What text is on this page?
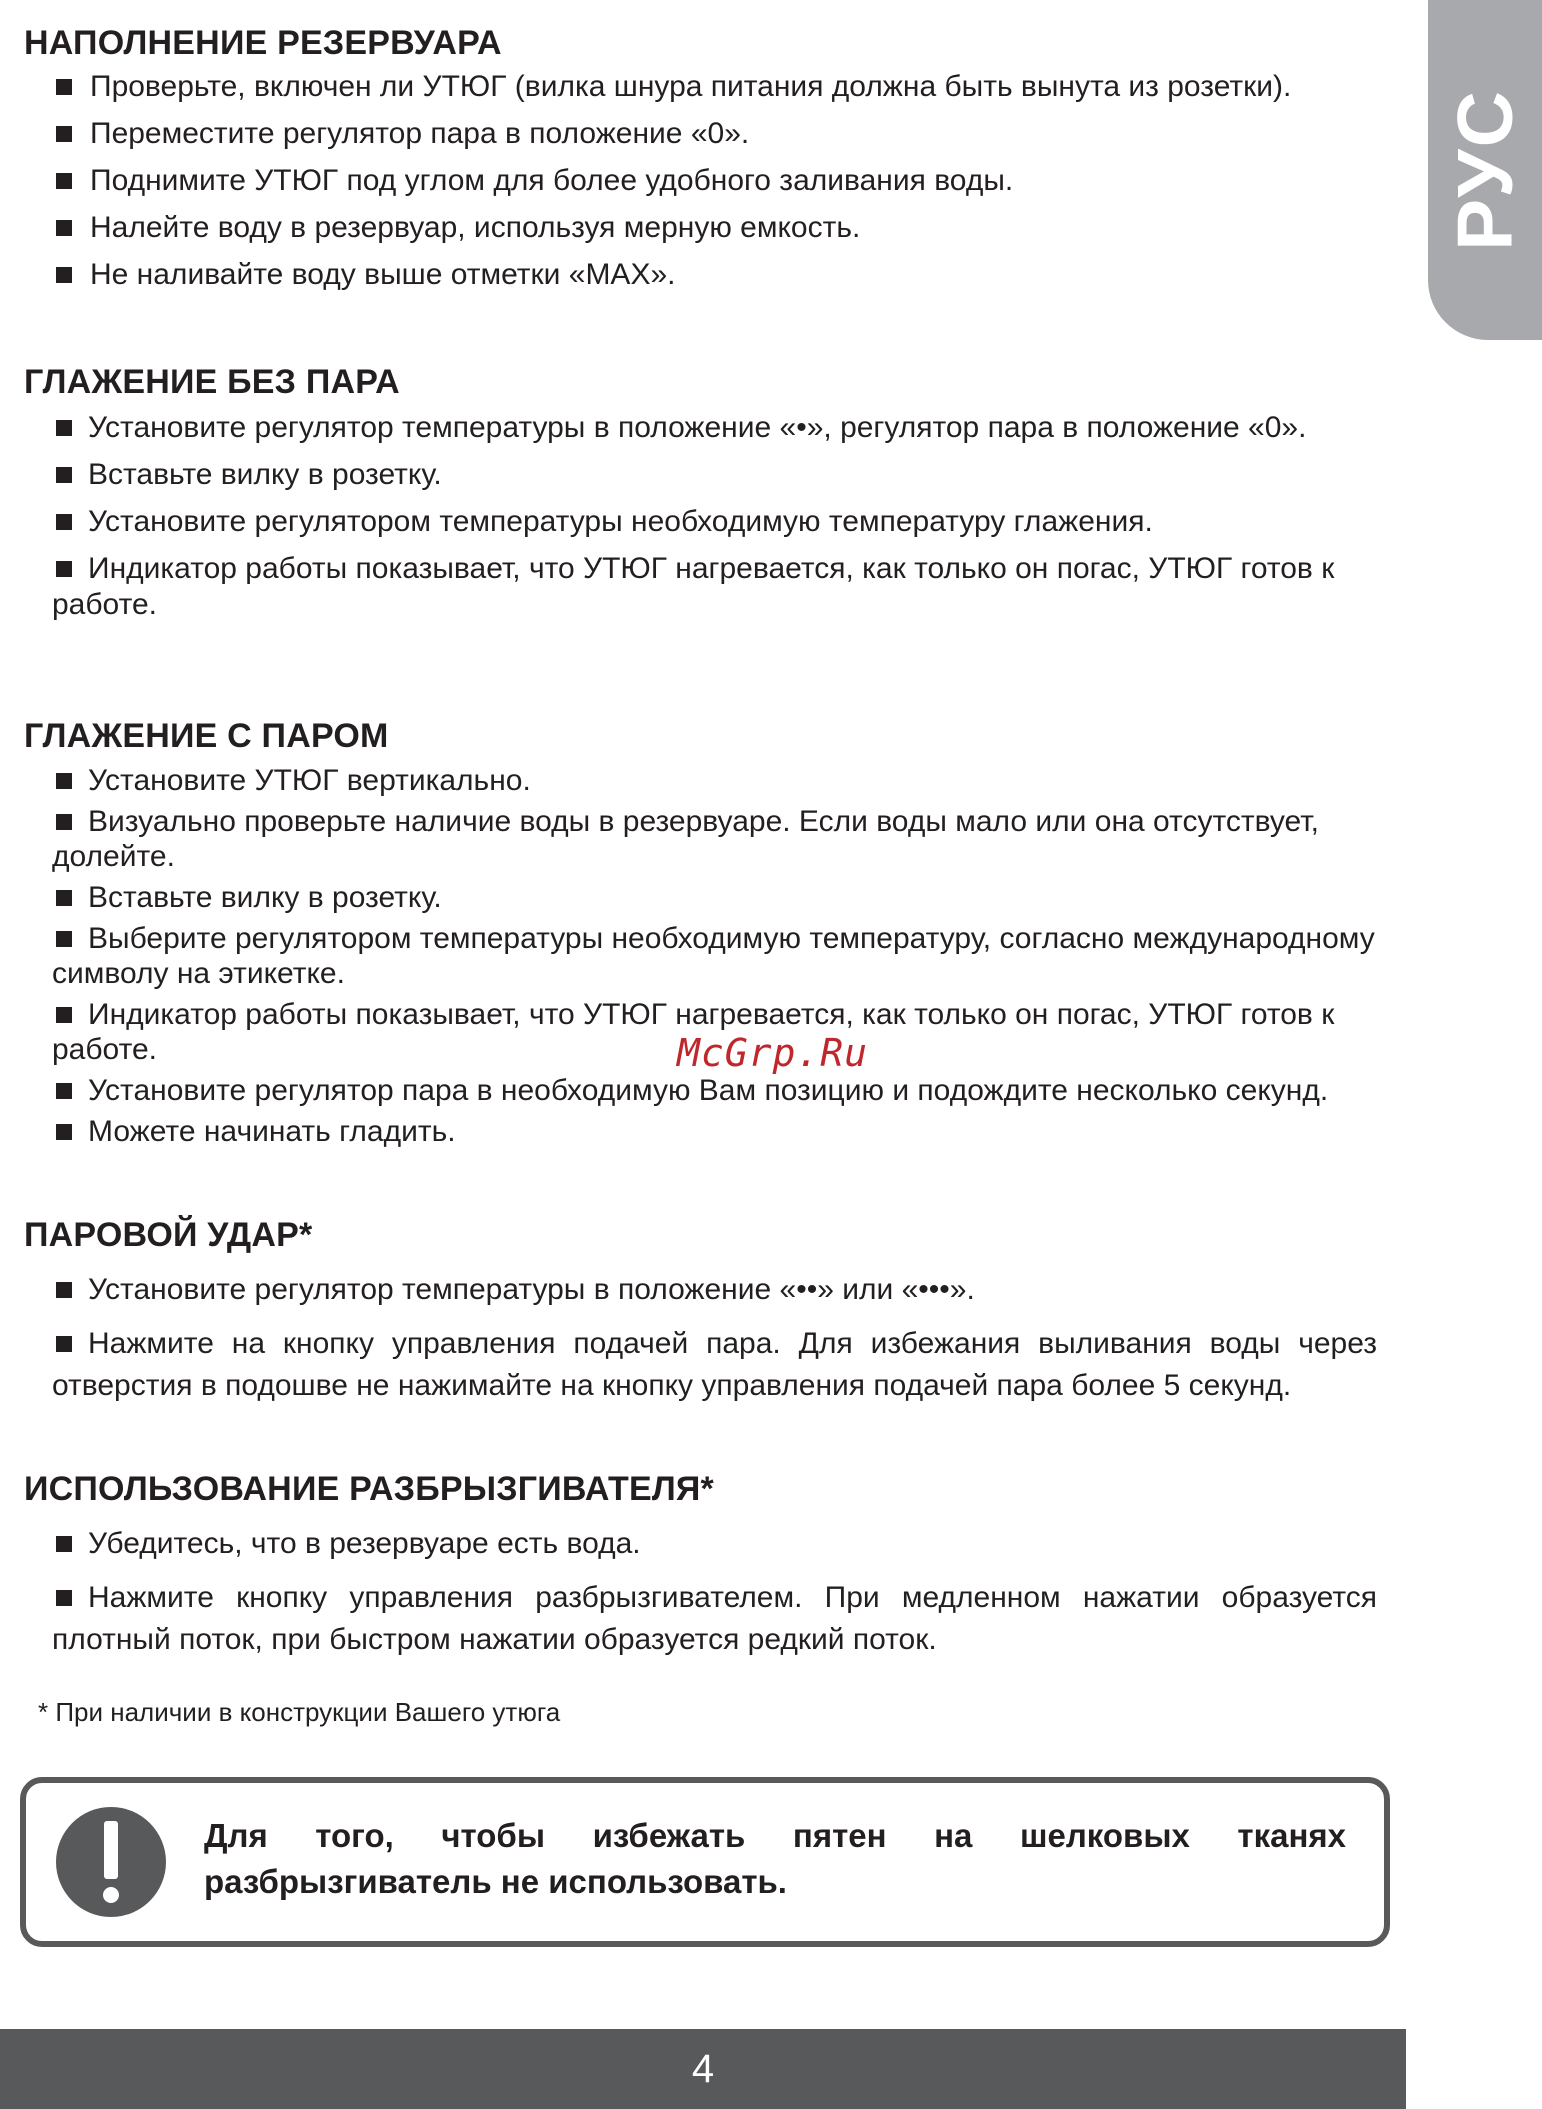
РУС
НАПОЛНЕНИЕ РЕЗЕРВУАРА
Проверьте, включен ли УТЮГ (вилка шнура питания должна быть вынута из розетки).
Переместите регулятор пара в положение «0».
Поднимите УТЮГ под углом для более удобного заливания воды.
Налейте воду в резервуар, используя мерную емкость.
Не наливайте воду выше отметки «MAX».
ГЛАЖЕНИЕ БЕЗ ПАРА
Установите регулятор температуры в положение «•», регулятор пара в положение «0».
Вставьте вилку в розетку.
Установите регулятором температуры необходимую температуру глажения.
Индикатор работы показывает, что УТЮГ нагревается, как только он погас, УТЮГ готов к работе.
ГЛАЖЕНИЕ С ПАРОМ
Установите УТЮГ вертикально.
Визуально проверьте наличие воды в резервуаре. Если воды мало или она отсутствует, долейте.
Вставьте вилку в розетку.
Выберите регулятором температуры необходимую температуру, согласно международному символу на этикетке.
Индикатор работы показывает, что УТЮГ нагревается, как только он погас, УТЮГ готов к работе.
Установите регулятор пара в необходимую Вам позицию и подождите несколько секунд.
Можете начинать гладить.
ПАРОВОЙ УДАР*
Установите регулятор температуры в положение «••» или «•••».
Нажмите на кнопку управления подачей пара. Для избежания выливания воды через отверстия в подошве не нажимайте на кнопку управления подачей пара более 5 секунд.
ИСПОЛЬЗОВАНИЕ РАЗБРЫЗГИВАТЕЛЯ*
Убедитесь, что в резервуаре есть вода.
Нажмите кнопку управления разбрызгивателем. При медленном нажатии образуется плотный поток, при быстром нажатии образуется редкий поток.
* При наличии в конструкции Вашего утюга
Для того, чтобы избежать пятен на шелковых тканях разбрызгиватель не использовать.
McGrp.Ru
4
